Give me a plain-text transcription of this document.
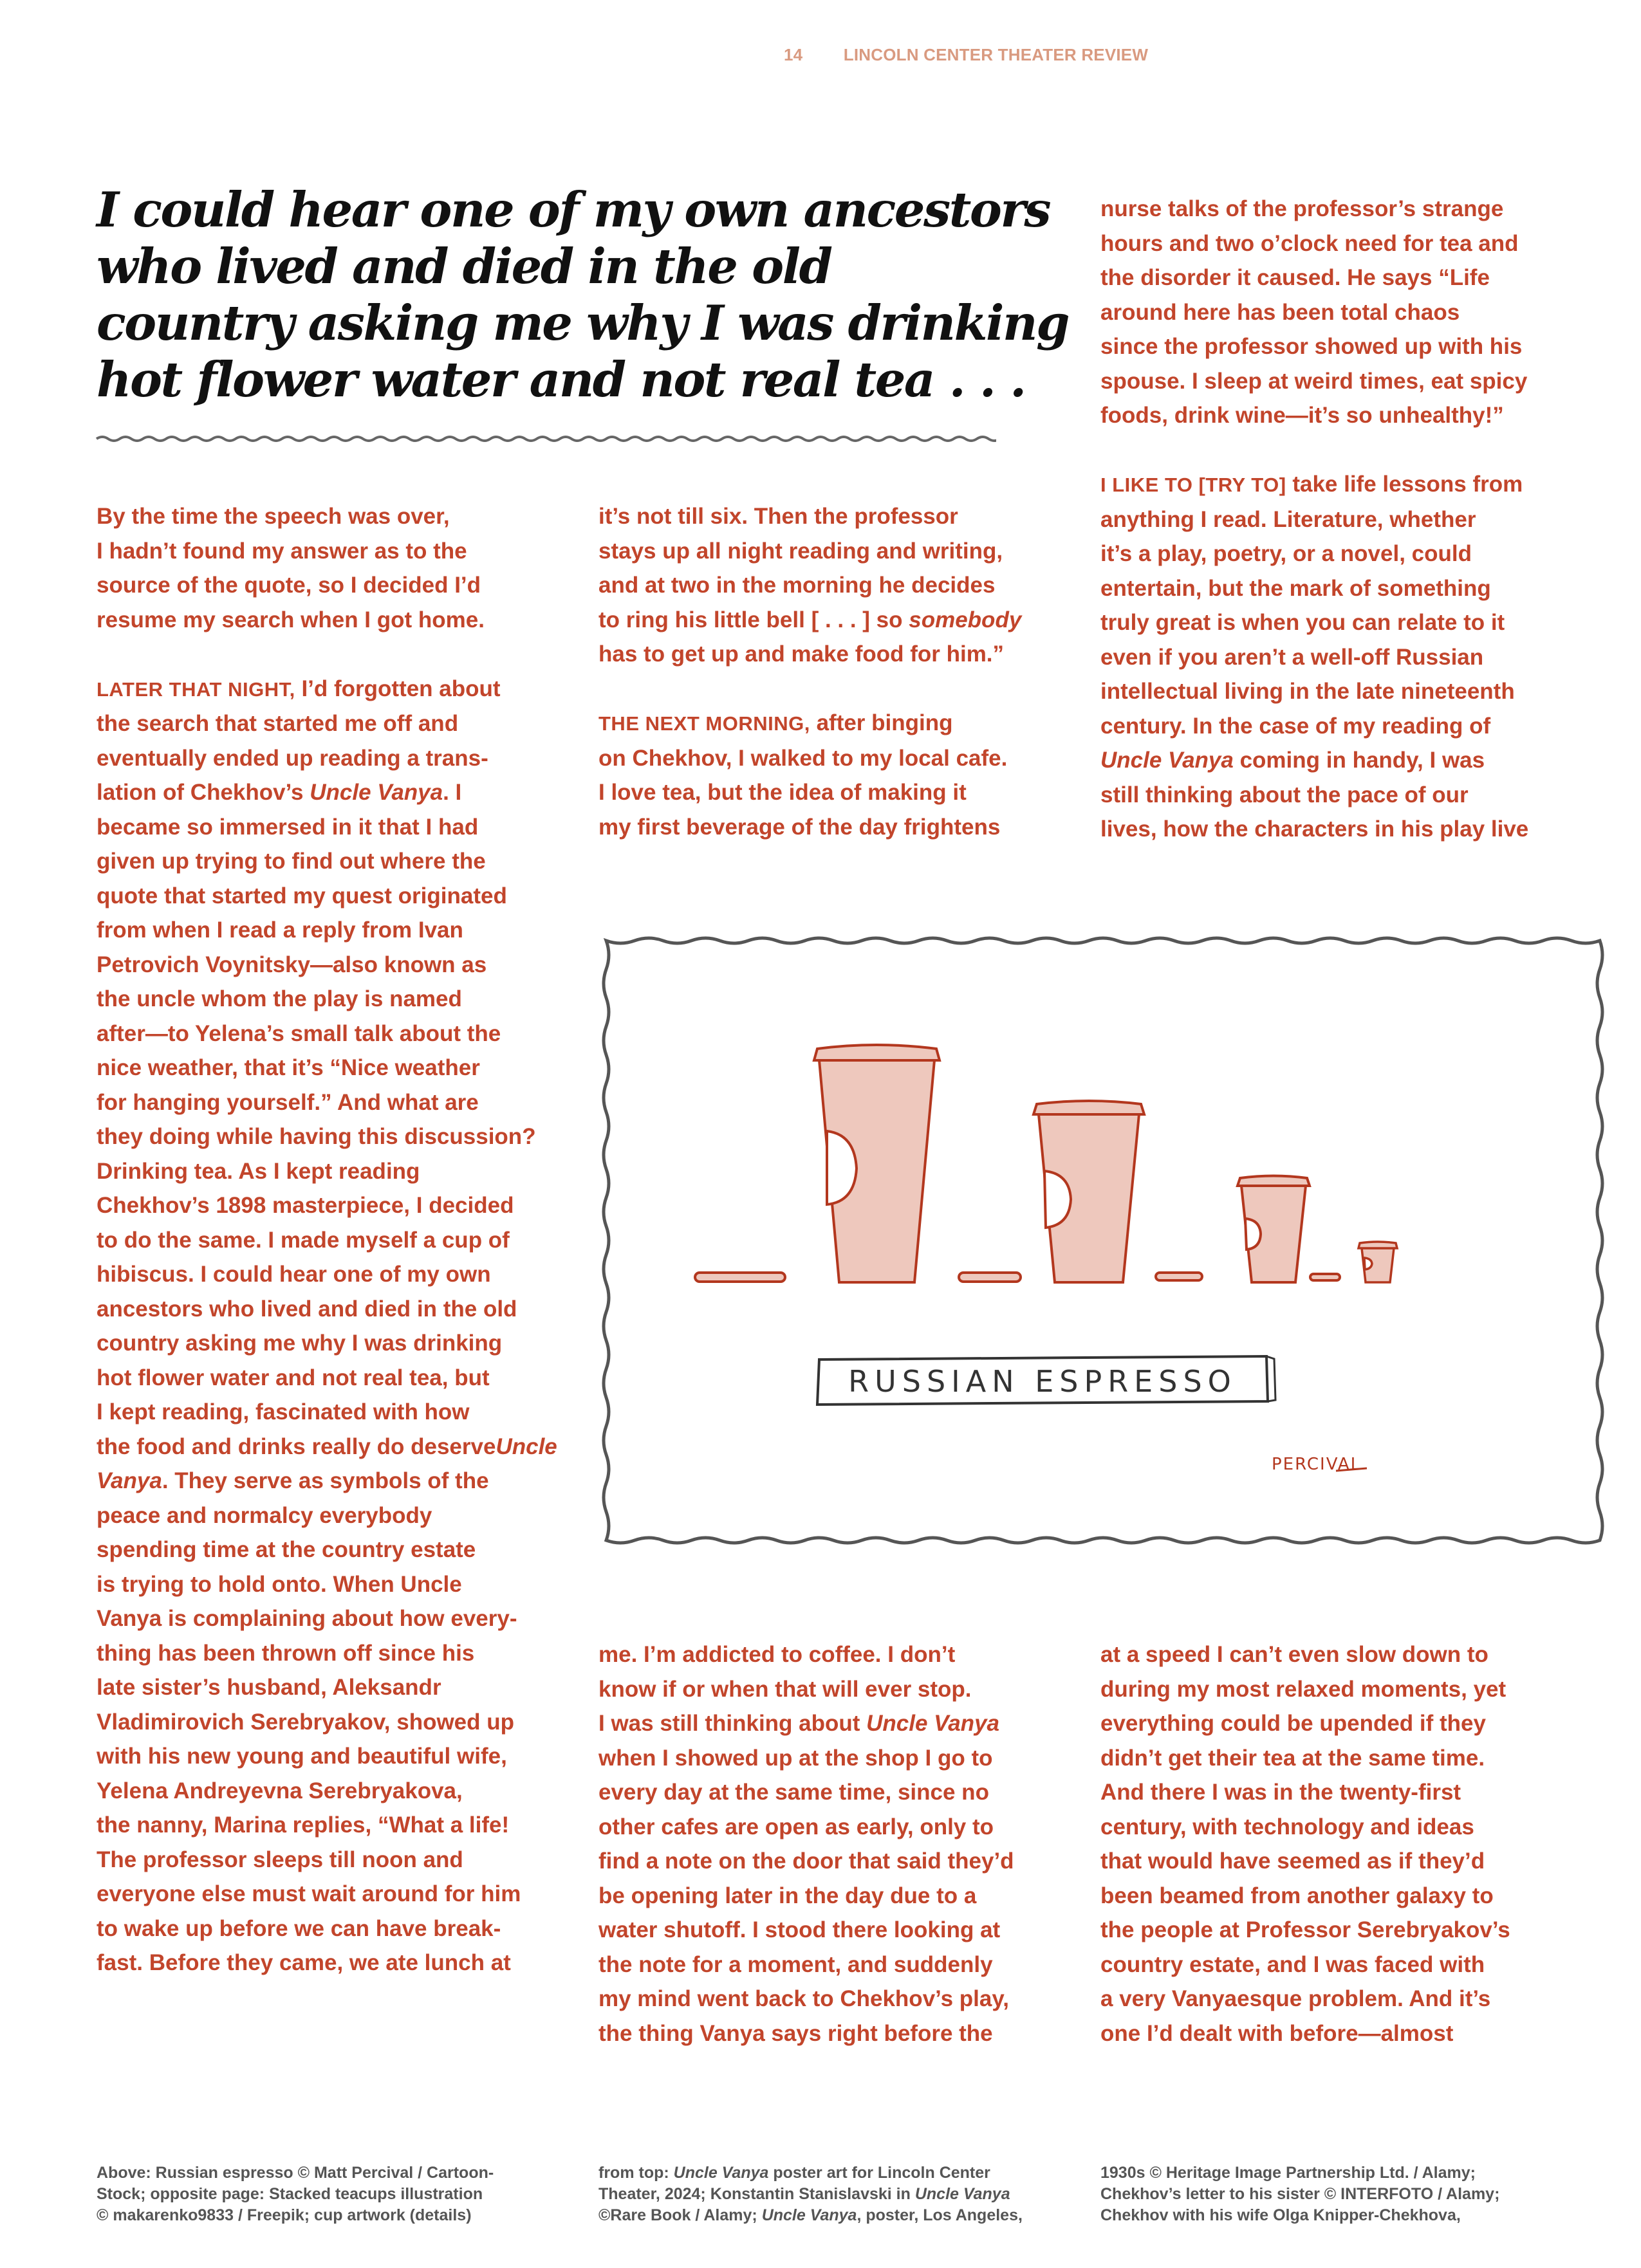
14 LINCOLN CENTER THEATER REVIEW
I could hear one of my own ancestors
who lived and died in the old
country asking me why I was drinking
hot flower water and not real tea . . .
By the time the speech was over,
I hadn’t found my answer as to the
source of the quote, so I decided I’d
resume my search when I got home.
LATER THAT NIGHT, I’d forgotten about
the search that started me off and
eventually ended up reading a trans-
lation of Chekhov’s Uncle Vanya. I
became so immersed in it that I had
given up trying to find out where the
quote that started my quest originated
from when I read a reply from Ivan
Petrovich Voynitsky—also known as
the uncle whom the play is named
after—to Yelena’s small talk about the
nice weather, that it’s “Nice weather
for hanging yourself.” And what are
they doing while having this discussion?
Drinking tea. As I kept reading
Chekhov’s 1898 masterpiece, I decided
to do the same. I made myself a cup of
hibiscus. I could hear one of my own
ancestors who lived and died in the old
country asking me why I was drinking
hot flower water and not real tea, but
I kept reading, fascinated with how
the food and drinks really do deserveUncle
Vanya. They serve as symbols of the
peace and normalcy everybody
spending time at the country estate
is trying to hold onto. When Uncle
Vanya is complaining about how every-
thing has been thrown off since his
late sister’s husband, Aleksandr
Vladimirovich Serebryakov, showed up
with his new young and beautiful wife,
Yelena Andreyevna Serebryakova,
the nanny, Marina replies, “What a life!
The professor sleeps till noon and
everyone else must wait around for him
to wake up before we can have break-
fast. Before they came, we ate lunch at
it’s not till six. Then the professor
stays up all night reading and writing,
and at two in the morning he decides
to ring his little bell [ . . . ] so somebody
has to get up and make food for him.”
THE NEXT MORNING, after binging
on Chekhov, I walked to my local cafe.
I love tea, but the idea of making it
my first beverage of the day frightens
nurse talks of the professor’s strange
hours and two o’clock need for tea and
the disorder it caused. He says “Life
around here has been total chaos
since the professor showed up with his
spouse. I sleep at weird times, eat spicy
foods, drink wine—it’s so unhealthy!”
I LIKE TO [TRY TO] take life lessons from
anything I read. Literature, whether
it’s a play, poetry, or a novel, could
entertain, but the mark of something
truly great is when you can relate to it
even if you aren’t a well-off Russian
intellectual living in the late nineteenth
century. In the case of my reading of
Uncle Vanya coming in handy, I was
still thinking about the pace of our
lives, how the characters in his play live
RUSSIAN ESPRESSO
PERCIVAL
me. I’m addicted to coffee. I don’t
know if or when that will ever stop.
I was still thinking about Uncle Vanya
when I showed up at the shop I go to
every day at the same time, since no
other cafes are open as early, only to
find a note on the door that said they’d
be opening later in the day due to a
water shutoff. I stood there looking at
the note for a moment, and suddenly
my mind went back to Chekhov’s play,
the thing Vanya says right before the
at a speed I can’t even slow down to
during my most relaxed moments, yet
everything could be upended if they
didn’t get their tea at the same time.
And there I was in the twenty-first
century, with technology and ideas
that would have seemed as if they’d
been beamed from another galaxy to
the people at Professor Serebryakov’s
country estate, and I was faced with
a very Vanyaesque problem. And it’s
one I’d dealt with before—almost
Above: Russian espresso © Matt Percival / Cartoon-
Stock; opposite page: Stacked teacups illustration
© makarenko9833 / Freepik; cup artwork (details)
from top: Uncle Vanya poster art for Lincoln Center
Theater, 2024; Konstantin Stanislavski in Uncle Vanya
©Rare Book / Alamy; Uncle Vanya, poster, Los Angeles,
1930s © Heritage Image Partnership Ltd. / Alamy;
Chekhov’s letter to his sister © INTERFOTO / Alamy;
Chekhov with his wife Olga Knipper-Chekhova,
